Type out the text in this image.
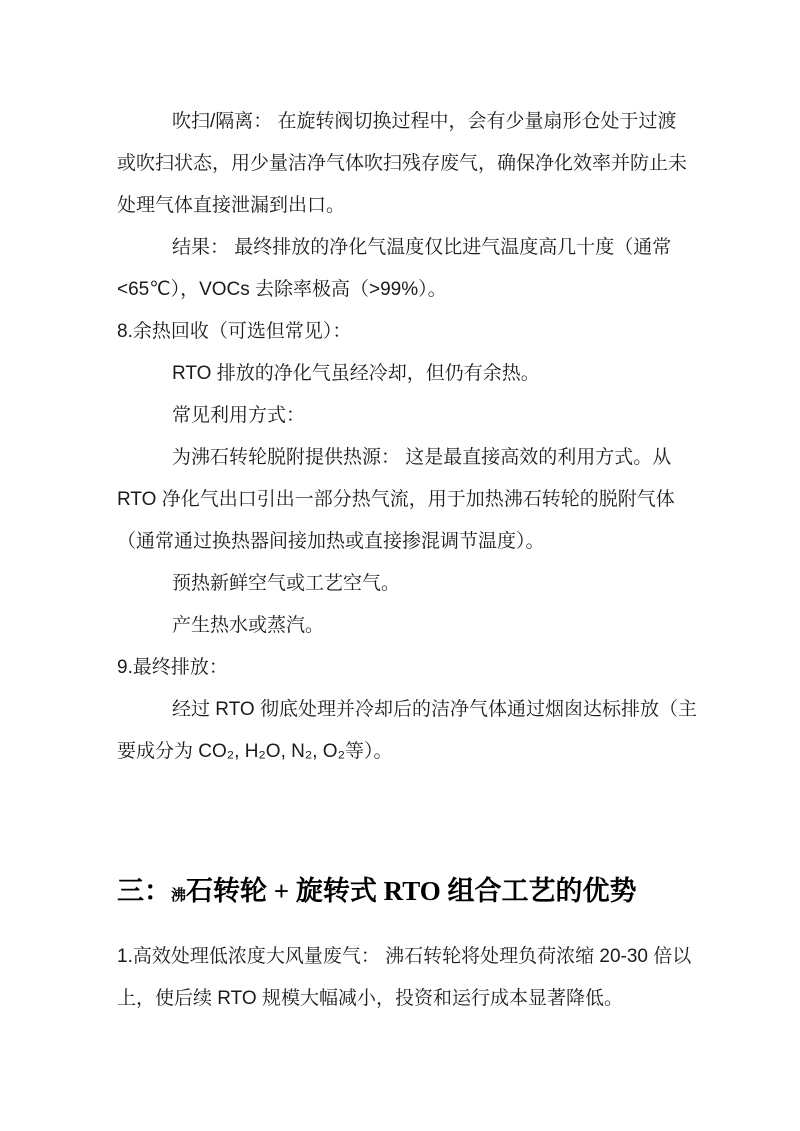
吹扫/隔离： 在旋转阀切换过程中，会有少量扇形仓处于过渡
或吹扫状态，用少量洁净气体吹扫残存废气，确保净化效率并防止未
处理气体直接泄漏到出口。
结果： 最终排放的净化气温度仅比进气温度高几十度（通常
<65℃），VOCs 去除率极高（>99%）。
8.余热回收（可选但常见）：
RTO 排放的净化气虽经冷却，但仍有余热。
常见利用方式：
为沸石转轮脱附提供热源： 这是最直接高效的利用方式。从
RTO 净化气出口引出一部分热气流，用于加热沸石转轮的脱附气体
（通常通过换热器间接加热或直接掺混调节温度）。
预热新鲜空气或工艺空气。
产生热水或蒸汽。
9.最终排放：
经过 RTO 彻底处理并冷却后的洁净气体通过烟囱达标排放（主
要成分为 CO₂, H₂O, N₂, O₂等）。
三：沸石转轮 + 旋转式 RTO 组合工艺的优势
1.高效处理低浓度大风量废气： 沸石转轮将处理负荷浓缩 20-30 倍以
上，使后续 RTO 规模大幅减小，投资和运行成本显著降低。
